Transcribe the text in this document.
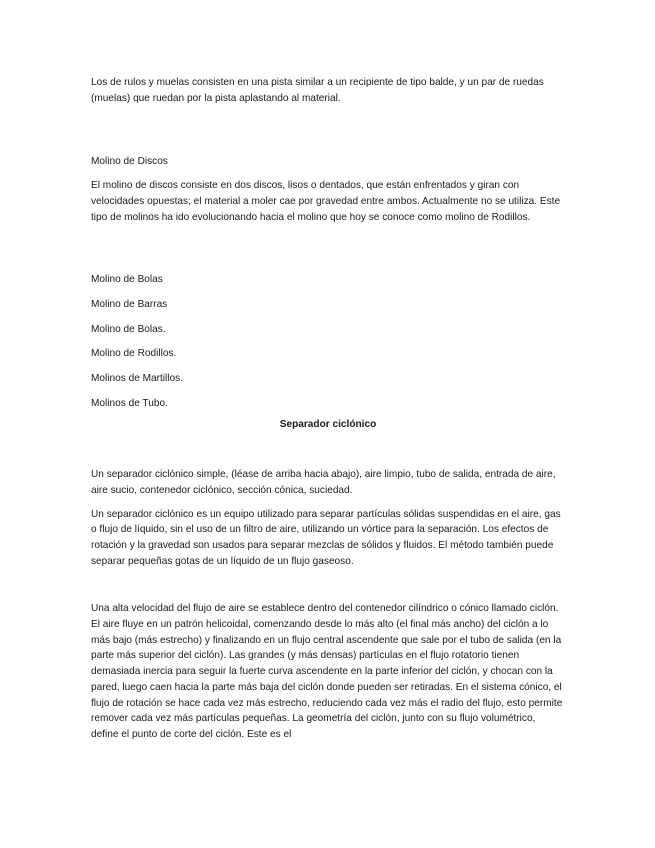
Los de rulos y muelas consisten en una pista similar a un recipiente de tipo balde, y un par de ruedas (muelas) que ruedan por la pista aplastando al material.

Molino de Discos

El molino de discos consiste en dos discos, lisos o dentados, que están enfrentados y giran con velocidades opuestas; el material a moler cae por gravedad entre ambos. Actualmente no se utiliza. Este tipo de molinos ha ido evolucionando hacia el molino que hoy se conoce como molino de Rodillos.

Molino de Bolas

Molino de Barras

Molino de Bolas.

Molino de Rodillos.

Molinos de Martillos.

Molinos de Tubo.

Separador ciclónico

Un separador ciclónico simple, (léase de arriba hacia abajo), aire limpio, tubo de salida, entrada de aire, aire sucio, contenedor ciclónico, sección cónica, suciedad.

Un separador ciclónico es un equipo utilizado para separar partículas sólidas suspendidas en el aire, gas o flujo de líquido, sin el uso de un filtro de aire, utilizando un vórtice para la separación. Los efectos de rotación y la gravedad son usados para separar mezclas de sólidos y fluidos. El método también puede separar pequeñas gotas de un líquido de un flujo gaseoso.

Una alta velocidad del flujo de aire se establece dentro del contenedor cilíndrico o cónico llamado ciclón. El aire fluye en un patrón helicoidal, comenzando desde lo más alto (el final más ancho) del ciclón a lo más bajo (más estrecho) y finalizando en un flujo central ascendente que sale por el tubo de salida (en la parte más superior del ciclón). Las grandes (y más densas) partículas en el flujo rotatorio tienen demasiada inercia para seguir la fuerte curva ascendente en la parte inferior del ciclón, y chocan con la pared, luego caen hacia la parte más baja del ciclón donde pueden ser retiradas. En el sistema cónico, el flujo de rotación se hace cada vez más estrecho, reduciendo cada vez más el radio del flujo, esto permite remover cada vez más partículas pequeñas. La geometría del ciclón, junto con su flujo volumétrico, define el punto de corte del ciclón. Este es el
